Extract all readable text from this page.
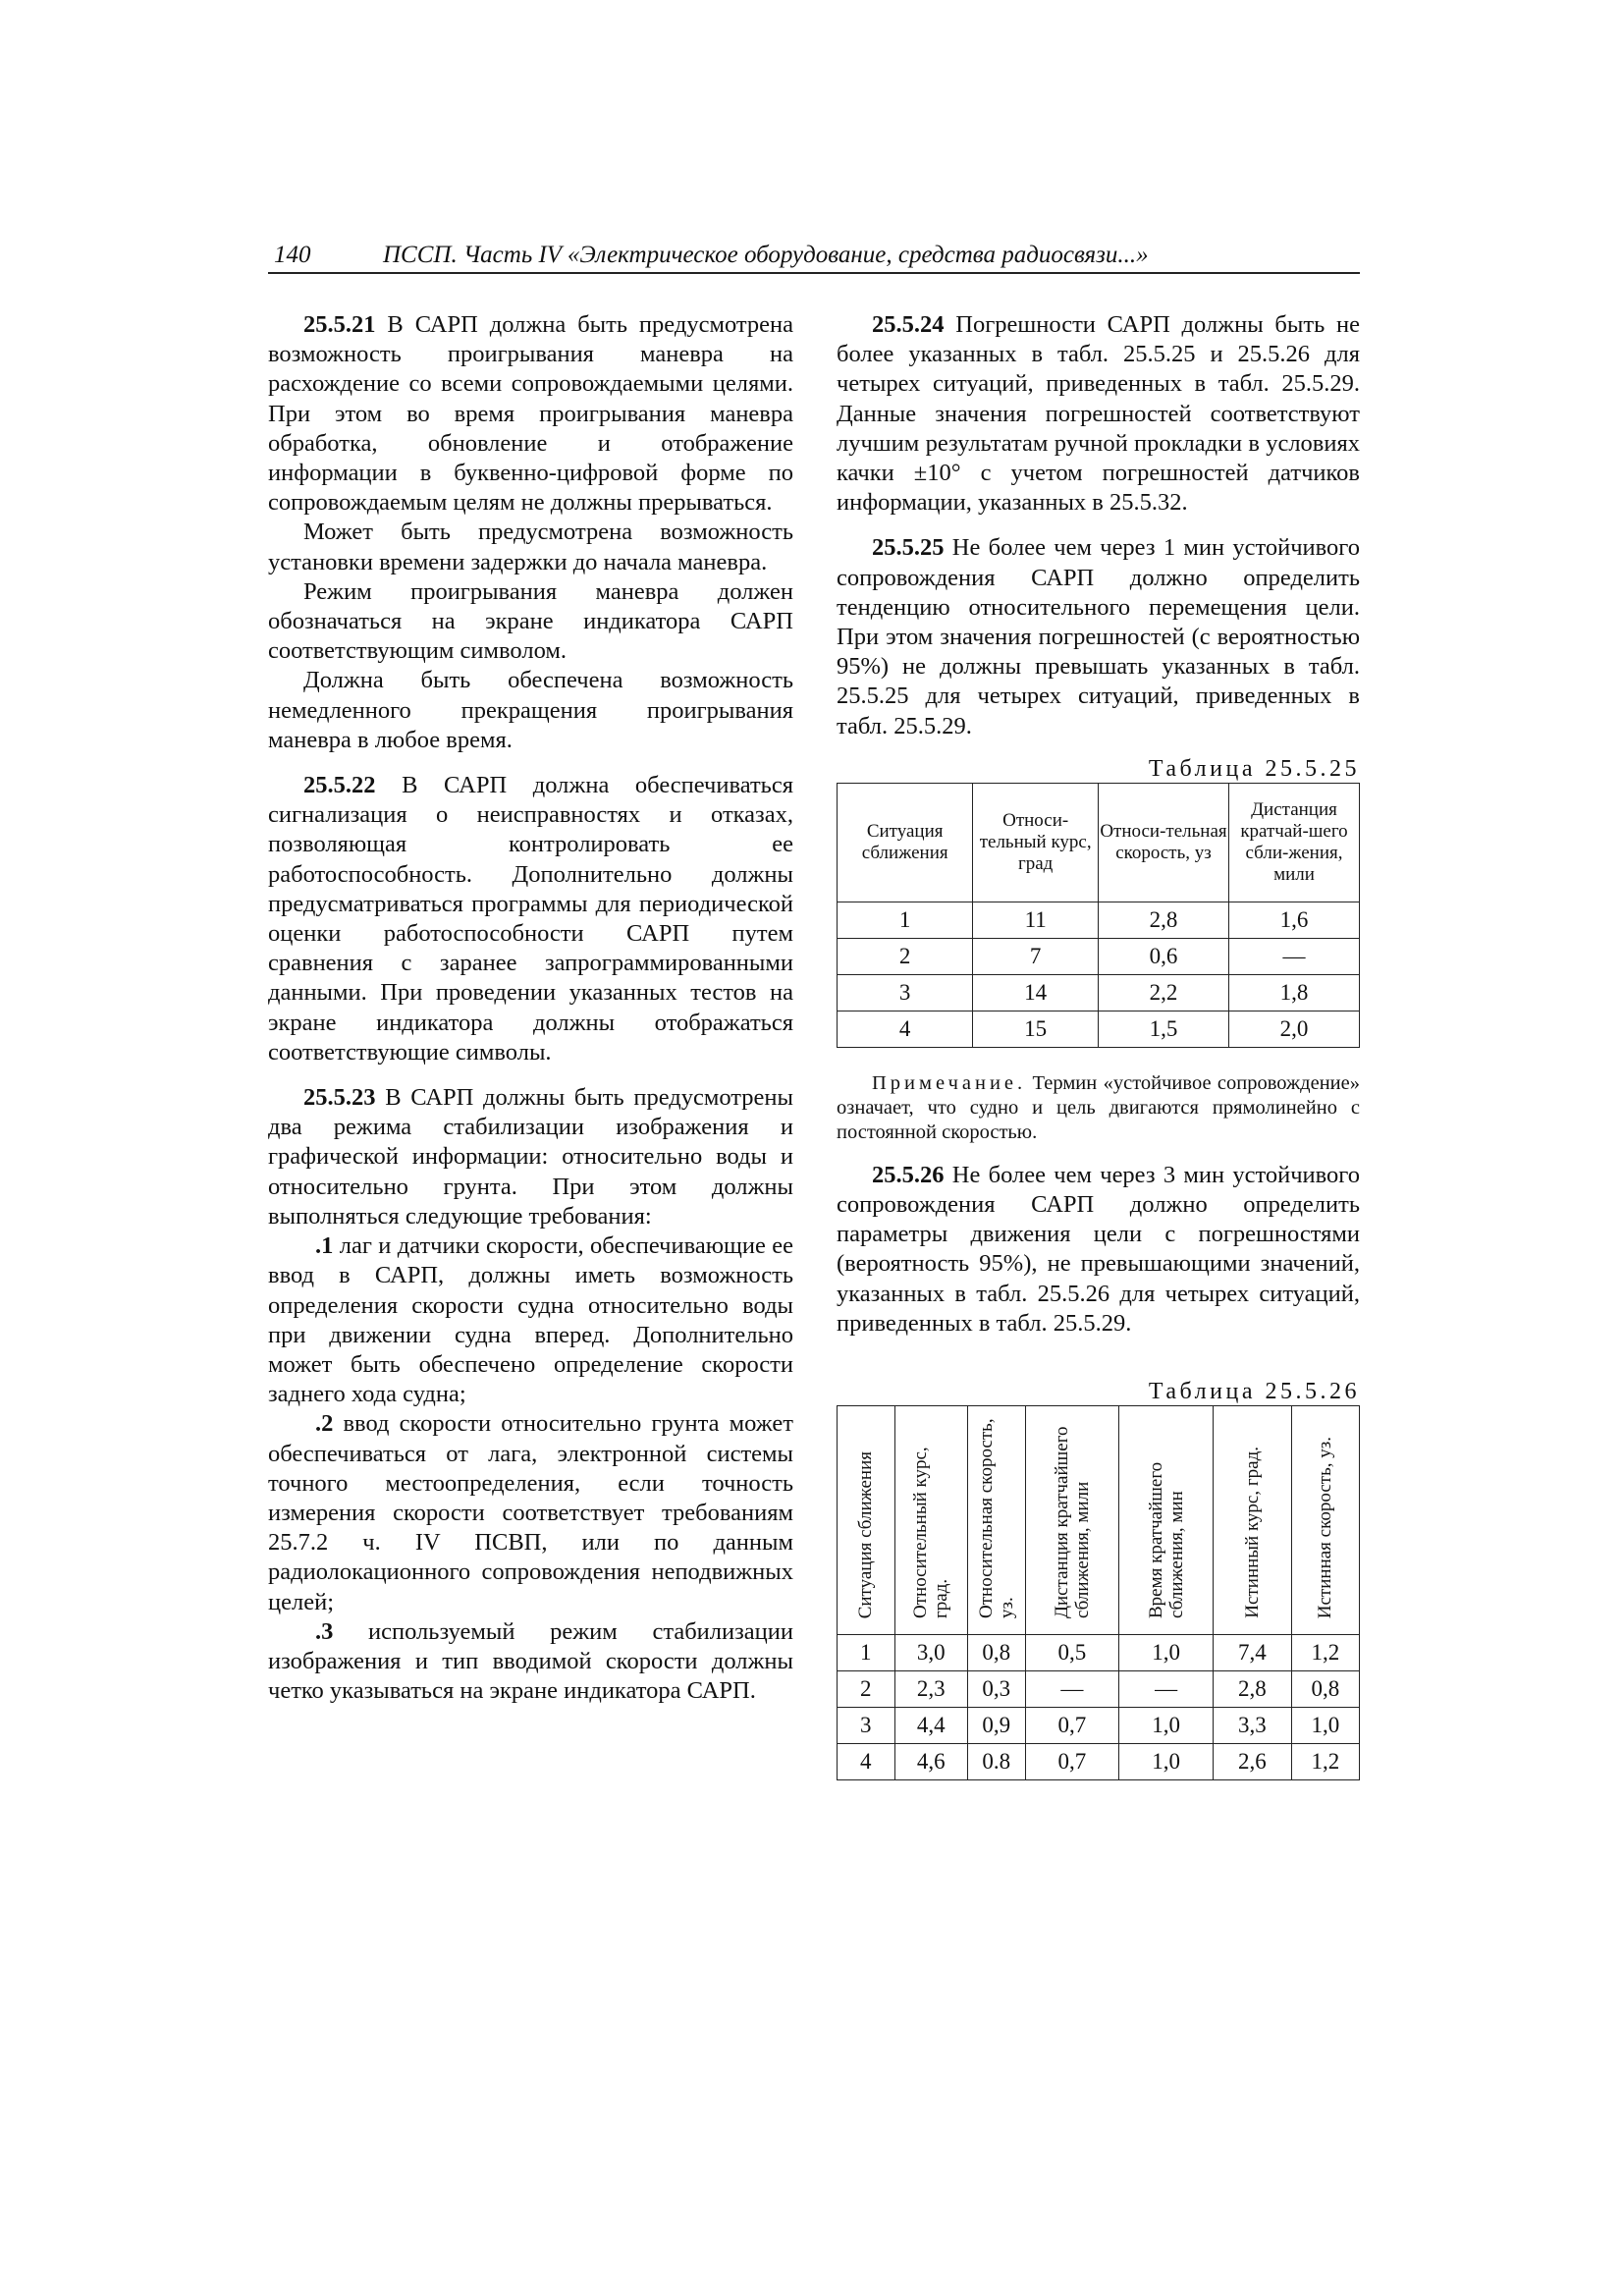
140	ПССП. Часть IV «Электрическое оборудование, средства радиосвязи...»

25.5.21 В САРП должна быть предусмотрена возможность проигрывания маневра на расхождение со всеми сопровождаемыми целями. При этом во время проигрывания маневра обработка, обновление и отображение информации в буквенно-цифровой форме по сопровождаемым целям не должны прерываться.

Может быть предусмотрена возможность установки времени задержки до начала маневра.

Режим проигрывания маневра должен обозначаться на экране индикатора САРП соответствующим символом.

Должна быть обеспечена возможность немедленного прекращения проигрывания маневра в любое время.

25.5.22 В САРП должна обеспечиваться сигнализация о неисправностях и отказах, позволяющая контролировать ее работоспособность. Дополнительно должны предусматриваться программы для периодической оценки работоспособности САРП путем сравнения с заранее запрограммированными данными. При проведении указанных тестов на экране индикатора должны отображаться соответствующие символы.

25.5.23 В САРП должны быть предусмотрены два режима стабилизации изображения и графической информации: относительно воды и относительно грунта. При этом должны выполняться следующие требования:

.1 лаг и датчики скорости, обеспечивающие ее ввод в САРП, должны иметь возможность определения скорости судна относительно воды при движении судна вперед. Дополнительно может быть обеспечено определение скорости заднего хода судна;

.2 ввод скорости относительно грунта может обеспечиваться от лага, электронной системы точного местоопределения, если точность измерения скорости соответствует требованиям 25.7.2 ч. IV ПСВП, или по данным радиолокационного сопровождения неподвижных целей;

.3 используемый режим стабилизации изображения и тип вводимой скорости должны четко указываться на экране индикатора САРП.

25.5.24 Погрешности САРП должны быть не более указанных в табл. 25.5.25 и 25.5.26 для четырех ситуаций, приведенных в табл. 25.5.29. Данные значения погрешностей соответствуют лучшим результатам ручной прокладки в условиях качки ±10° с учетом погрешностей датчиков информации, указанных в 25.5.32.

25.5.25 Не более чем через 1 мин устойчивого сопровождения САРП должно определить тенденцию относительного перемещения цели. При этом значения погрешностей (с вероятностью 95%) не должны превышать указанных в табл. 25.5.25 для четырех ситуаций, приведенных в табл. 25.5.29.

Таблица 25.5.25
Ситуация сближения	Относи-тельный курс, град	Относи-тельная скорость, уз	Дистанция кратчай-шего сбли-жения, мили
1	11	2,8	1,6
2	7	0,6	—
3	14	2,2	1,8
4	15	1,5	2,0

Примечание. Термин «устойчивое сопровождение» означает, что судно и цель двигаются прямолинейно с постоянной скоростью.

25.5.26 Не более чем через 3 мин устойчивого сопровождения САРП должно определить параметры движения цели с погрешностями (вероятность 95%), не превышающими значений, указанных в табл. 25.5.26 для четырех ситуаций, приведенных в табл. 25.5.29.

Таблица 25.5.26
Ситуация сближения	Относительный курс, град.	Относительная скорость, уз.	Дистанция кратчайшего сближения, мили	Время кратчайшего сближения, мин	Истинный курс, град.	Истинная скорость, уз.
1	3,0	0,8	0,5	1,0	7,4	1,2
2	2,3	0,3	—	—	2,8	0,8
3	4,4	0,9	0,7	1,0	3,3	1,0
4	4,6	0.8	0,7	1,0	2,6	1,2
